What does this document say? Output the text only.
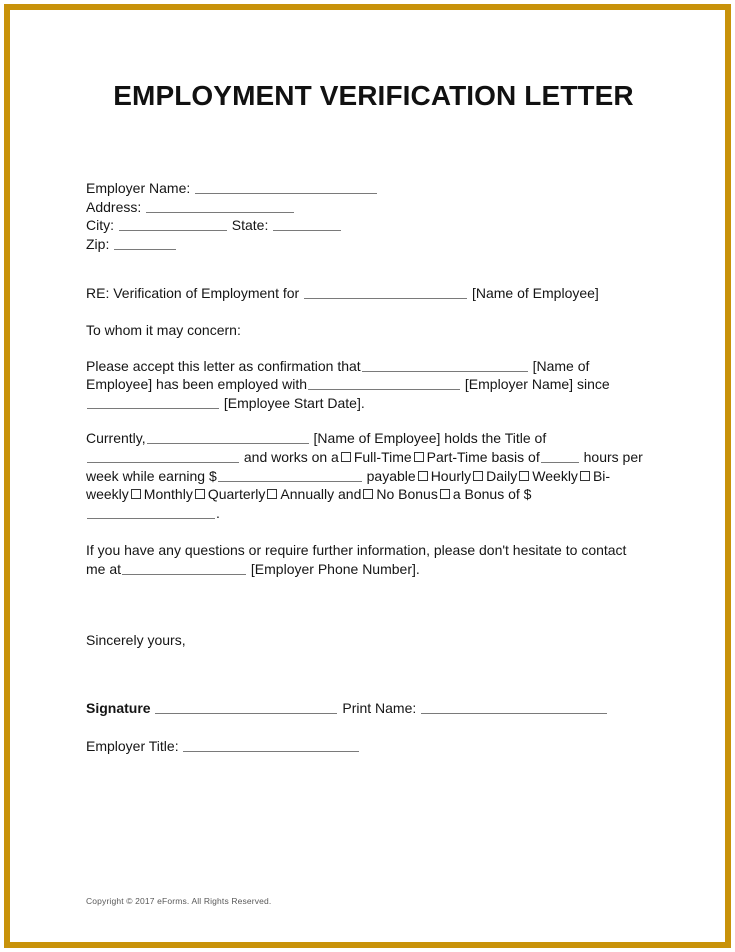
EMPLOYMENT VERIFICATION LETTER
Employer Name:
Address:
City:	State:
Zip:
RE: Verification of Employment for	[Name of Employee]
To whom it may concern:
Please accept this letter as confirmation that	[Name of Employee] has been employed with	[Employer Name] since [Employee Start Date].
Currently,	[Name of Employee] holds the Title of and works on a Full-Time Part-Time basis of	hours per week while earning $	payable Hourly Daily Weekly Bi-weekly Monthly Quarterly Annually and No Bonus a Bonus of $.
If you have any questions or require further information, please don't hesitate to contact me at	[Employer Phone Number].
Sincerely yours,
Signature	Print Name:
Employer Title:
Copyright © 2017 eForms. All Rights Reserved.
